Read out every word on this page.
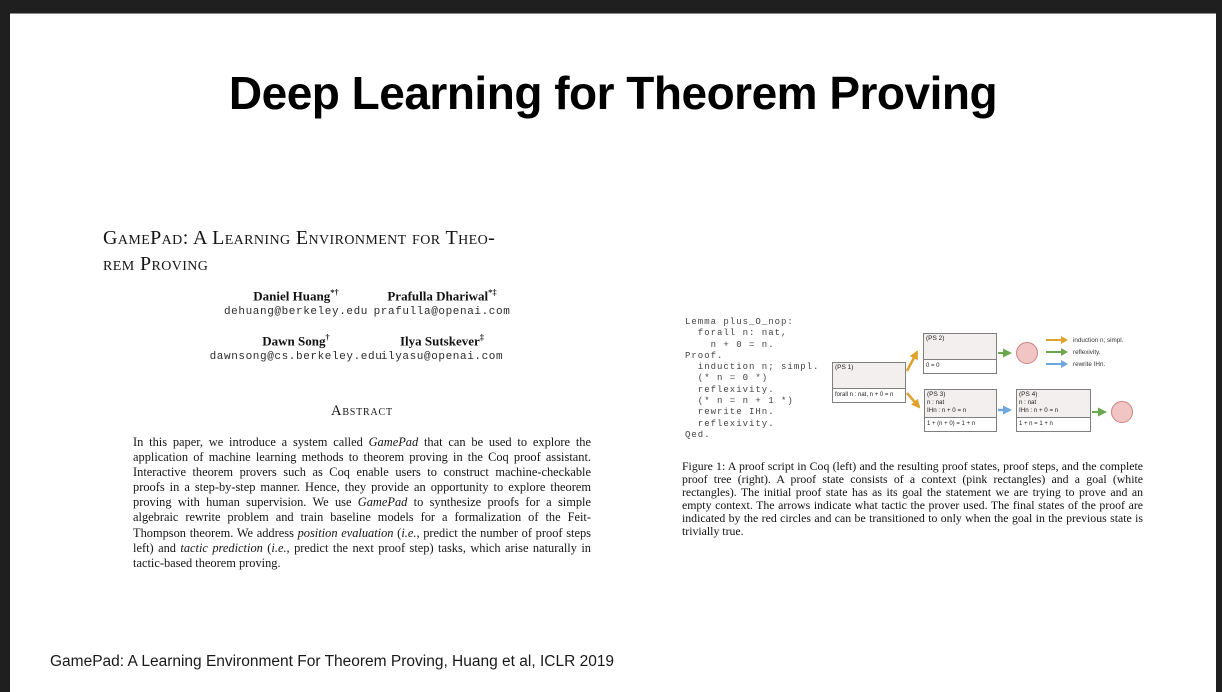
Deep Learning for Theorem Proving
GamePad: A Learning Environment for Theo-
rem Proving
Daniel Huang*†
dehuang@berkeley.edu
Prafulla Dhariwal*‡
prafulla@openai.com
Dawn Song†
dawnsong@cs.berkeley.edu
Ilya Sutskever‡
ilyasu@openai.com
Abstract

In this paper, we introduce a system called GamePad that can be used to explore the application of machine learning methods to theorem proving in the Coq proof assistant. Interactive theorem provers such as Coq enable users to construct machine-checkable proofs in a step-by-step manner. Hence, they provide an opportunity to explore theorem proving with human supervision. We use GamePad to synthesize proofs for a simple algebraic rewrite problem and train baseline models for a formalization of the Feit-Thompson theorem. We address position evaluation (i.e., predict the number of proof steps left) and tactic prediction (i.e., predict the next proof step) tasks, which arise naturally in tactic-based theorem proving.

Lemma plus_O_nop:
forall n: nat,
n + 0 = n.
Proof.
induction n; simpl.
(* n = 0 *)
reflexivity.
(* n = n + 1 *)
rewrite IHn.
reflexivity.
Qed.
(PS 1)
forall n : nat, n + 0 = n
(PS 2)
0 = 0
(PS 3)
n : nat
IHn : n + 0 = n
1 + (n + 0) = 1 + n
(PS 4)
n : nat
IHn : n + 0 = n
1 + n = 1 + n
induction n; simpl.
reflexivity.
rewrite IHn.

Figure 1: A proof script in Coq (left) and the resulting proof states, proof steps, and the complete proof tree (right). A proof state consists of a context (pink rectangles) and a goal (white rectangles). The initial proof state has as its goal the statement we are trying to prove and an empty context. The arrows indicate what tactic the prover used. The final states of the proof are indicated by the red circles and can be transitioned to only when the goal in the previous state is trivially true.

GamePad: A Learning Environment For Theorem Proving, Huang et al, ICLR 2019
